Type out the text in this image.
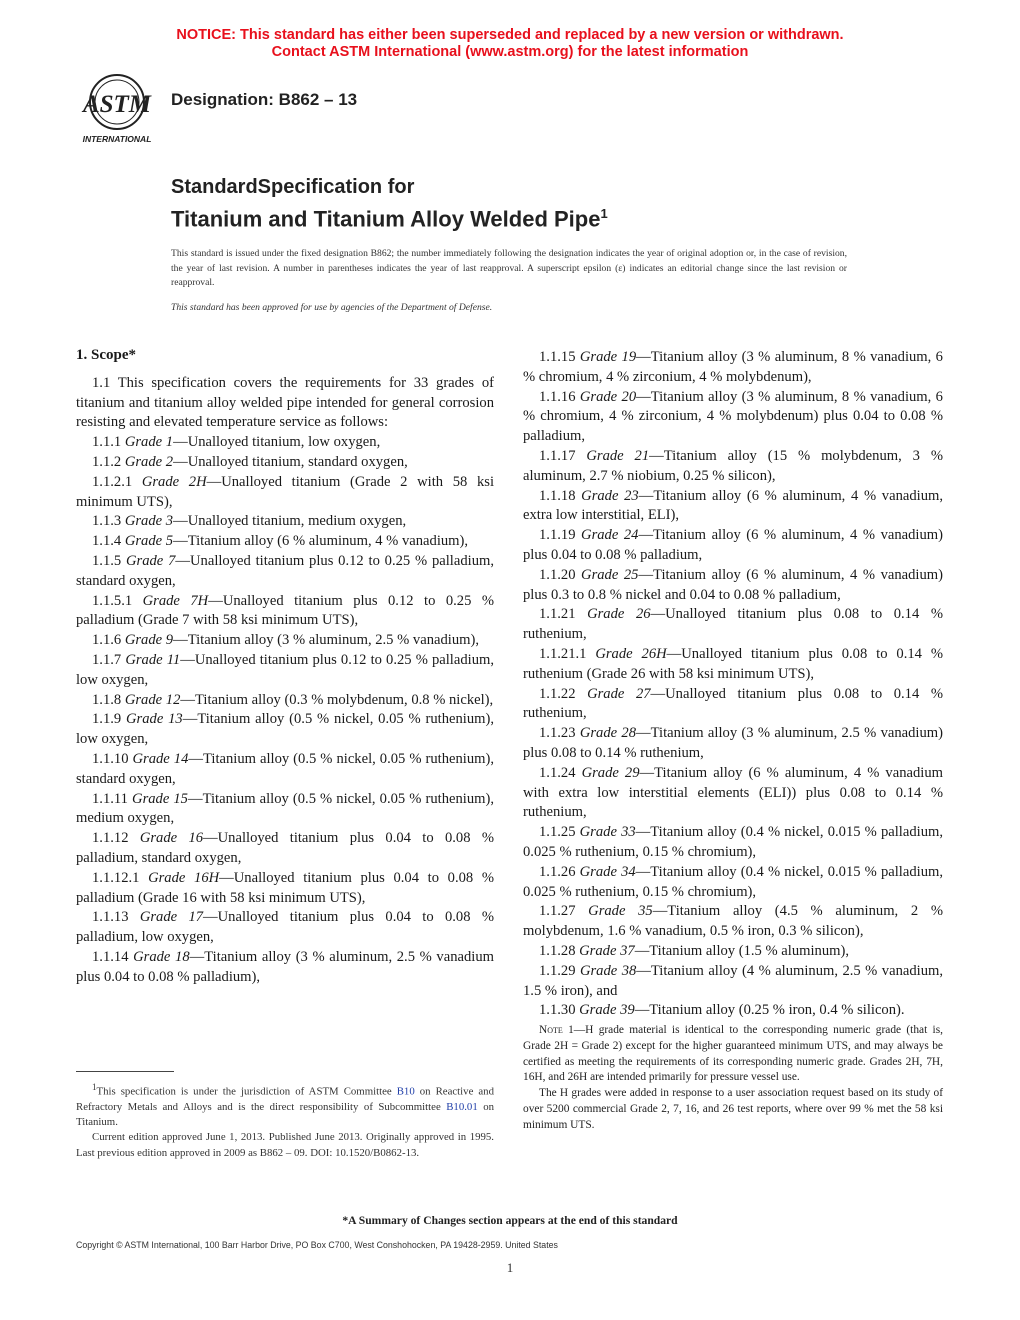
NOTICE: This standard has either been superseded and replaced by a new version or withdrawn.
Contact ASTM International (www.astm.org) for the latest information
ASTM
INTERNATIONAL
Designation: B862 – 13
StandardSpecification for
Titanium and Titanium Alloy Welded Pipe$^1$
This standard is issued under the fixed designation B862; the number immediately following the designation indicates the year of original adoption or, in the case of revision, the year of last revision. A number in parentheses indicates the year of last reapproval. A superscript epsilon (ε) indicates an editorial change since the last revision or reapproval.
This standard has been approved for use by agencies of the Department of Defense.

1. Scope*

1.1 This specification covers the requirements for 33 grades of titanium and titanium alloy welded pipe intended for general corrosion resisting and elevated temperature service as follows:

1.1.1 Grade 1—Unalloyed titanium, low oxygen,

1.1.2 Grade 2—Unalloyed titanium, standard oxygen,

1.1.2.1 Grade 2H—Unalloyed titanium (Grade 2 with 58 ksi minimum UTS),

1.1.3 Grade 3—Unalloyed titanium, medium oxygen,

1.1.4 Grade 5—Titanium alloy (6 % aluminum, 4 % vanadium),

1.1.5 Grade 7—Unalloyed titanium plus 0.12 to 0.25 % palladium, standard oxygen,

1.1.5.1 Grade 7H—Unalloyed titanium plus 0.12 to 0.25 % palladium (Grade 7 with 58 ksi minimum UTS),

1.1.6 Grade 9—Titanium alloy (3 % aluminum, 2.5 % vanadium),

1.1.7 Grade 11—Unalloyed titanium plus 0.12 to 0.25 % palladium, low oxygen,

1.1.8 Grade 12—Titanium alloy (0.3 % molybdenum, 0.8 % nickel),

1.1.9 Grade 13—Titanium alloy (0.5 % nickel, 0.05 % ruthenium), low oxygen,

1.1.10 Grade 14—Titanium alloy (0.5 % nickel, 0.05 % ruthenium), standard oxygen,

1.1.11 Grade 15—Titanium alloy (0.5 % nickel, 0.05 % ruthenium), medium oxygen,

1.1.12 Grade 16—Unalloyed titanium plus 0.04 to 0.08 % palladium, standard oxygen,

1.1.12.1 Grade 16H—Unalloyed titanium plus 0.04 to 0.08 % palladium (Grade 16 with 58 ksi minimum UTS),

1.1.13 Grade 17—Unalloyed titanium plus 0.04 to 0.08 % palladium, low oxygen,

1.1.14 Grade 18—Titanium alloy (3 % aluminum, 2.5 % vanadium plus 0.04 to 0.08 % palladium),

1.1.15 Grade 19—Titanium alloy (3 % aluminum, 8 % vanadium, 6 % chromium, 4 % zirconium, 4 % molybdenum),

1.1.16 Grade 20—Titanium alloy (3 % aluminum, 8 % vanadium, 6 % chromium, 4 % zirconium, 4 % molybdenum) plus 0.04 to 0.08 % palladium,

1.1.17 Grade 21—Titanium alloy (15 % molybdenum, 3 % aluminum, 2.7 % niobium, 0.25 % silicon),

1.1.18 Grade 23—Titanium alloy (6 % aluminum, 4 % vanadium, extra low interstitial, ELI),

1.1.19 Grade 24—Titanium alloy (6 % aluminum, 4 % vanadium) plus 0.04 to 0.08 % palladium,

1.1.20 Grade 25—Titanium alloy (6 % aluminum, 4 % vanadium) plus 0.3 to 0.8 % nickel and 0.04 to 0.08 % palladium,

1.1.21 Grade 26—Unalloyed titanium plus 0.08 to 0.14 % ruthenium,

1.1.21.1 Grade 26H—Unalloyed titanium plus 0.08 to 0.14 % ruthenium (Grade 26 with 58 ksi minimum UTS),

1.1.22 Grade 27—Unalloyed titanium plus 0.08 to 0.14 % ruthenium,

1.1.23 Grade 28—Titanium alloy (3 % aluminum, 2.5 % vanadium) plus 0.08 to 0.14 % ruthenium,

1.1.24 Grade 29—Titanium alloy (6 % aluminum, 4 % vanadium with extra low interstitial elements (ELI)) plus 0.08 to 0.14 % ruthenium,

1.1.25 Grade 33—Titanium alloy (0.4 % nickel, 0.015 % palladium, 0.025 % ruthenium, 0.15 % chromium),

1.1.26 Grade 34—Titanium alloy (0.4 % nickel, 0.015 % palladium, 0.025 % ruthenium, 0.15 % chromium),

1.1.27 Grade 35—Titanium alloy (4.5 % aluminum, 2 % molybdenum, 1.6 % vanadium, 0.5 % iron, 0.3 % silicon),

1.1.28 Grade 37—Titanium alloy (1.5 % aluminum),

1.1.29 Grade 38—Titanium alloy (4 % aluminum, 2.5 % vanadium, 1.5 % iron), and

1.1.30 Grade 39—Titanium alloy (0.25 % iron, 0.4 % silicon).

Note 1—H grade material is identical to the corresponding numeric grade (that is, Grade 2H = Grade 2) except for the higher guaranteed minimum UTS, and may always be certified as meeting the requirements of its corresponding numeric grade. Grades 2H, 7H, 16H, and 26H are intended primarily for pressure vessel use.

The H grades were added in response to a user association request based on its study of over 5200 commercial Grade 2, 7, 16, and 26 test reports, where over 99 % met the 58 ksi minimum UTS.

$^1$This specification is under the jurisdiction of ASTM Committee B10 on Reactive and Refractory Metals and Alloys and is the direct responsibility of Subcommittee B10.01 on Titanium.

Current edition approved June 1, 2013. Published June 2013. Originally approved in 1995. Last previous edition approved in 2009 as B862 – 09. DOI: 10.1520/B0862-13.

*A Summary of Changes section appears at the end of this standard
Copyright © ASTM International, 100 Barr Harbor Drive, PO Box C700, West Conshohocken, PA 19428-2959. United States
1
